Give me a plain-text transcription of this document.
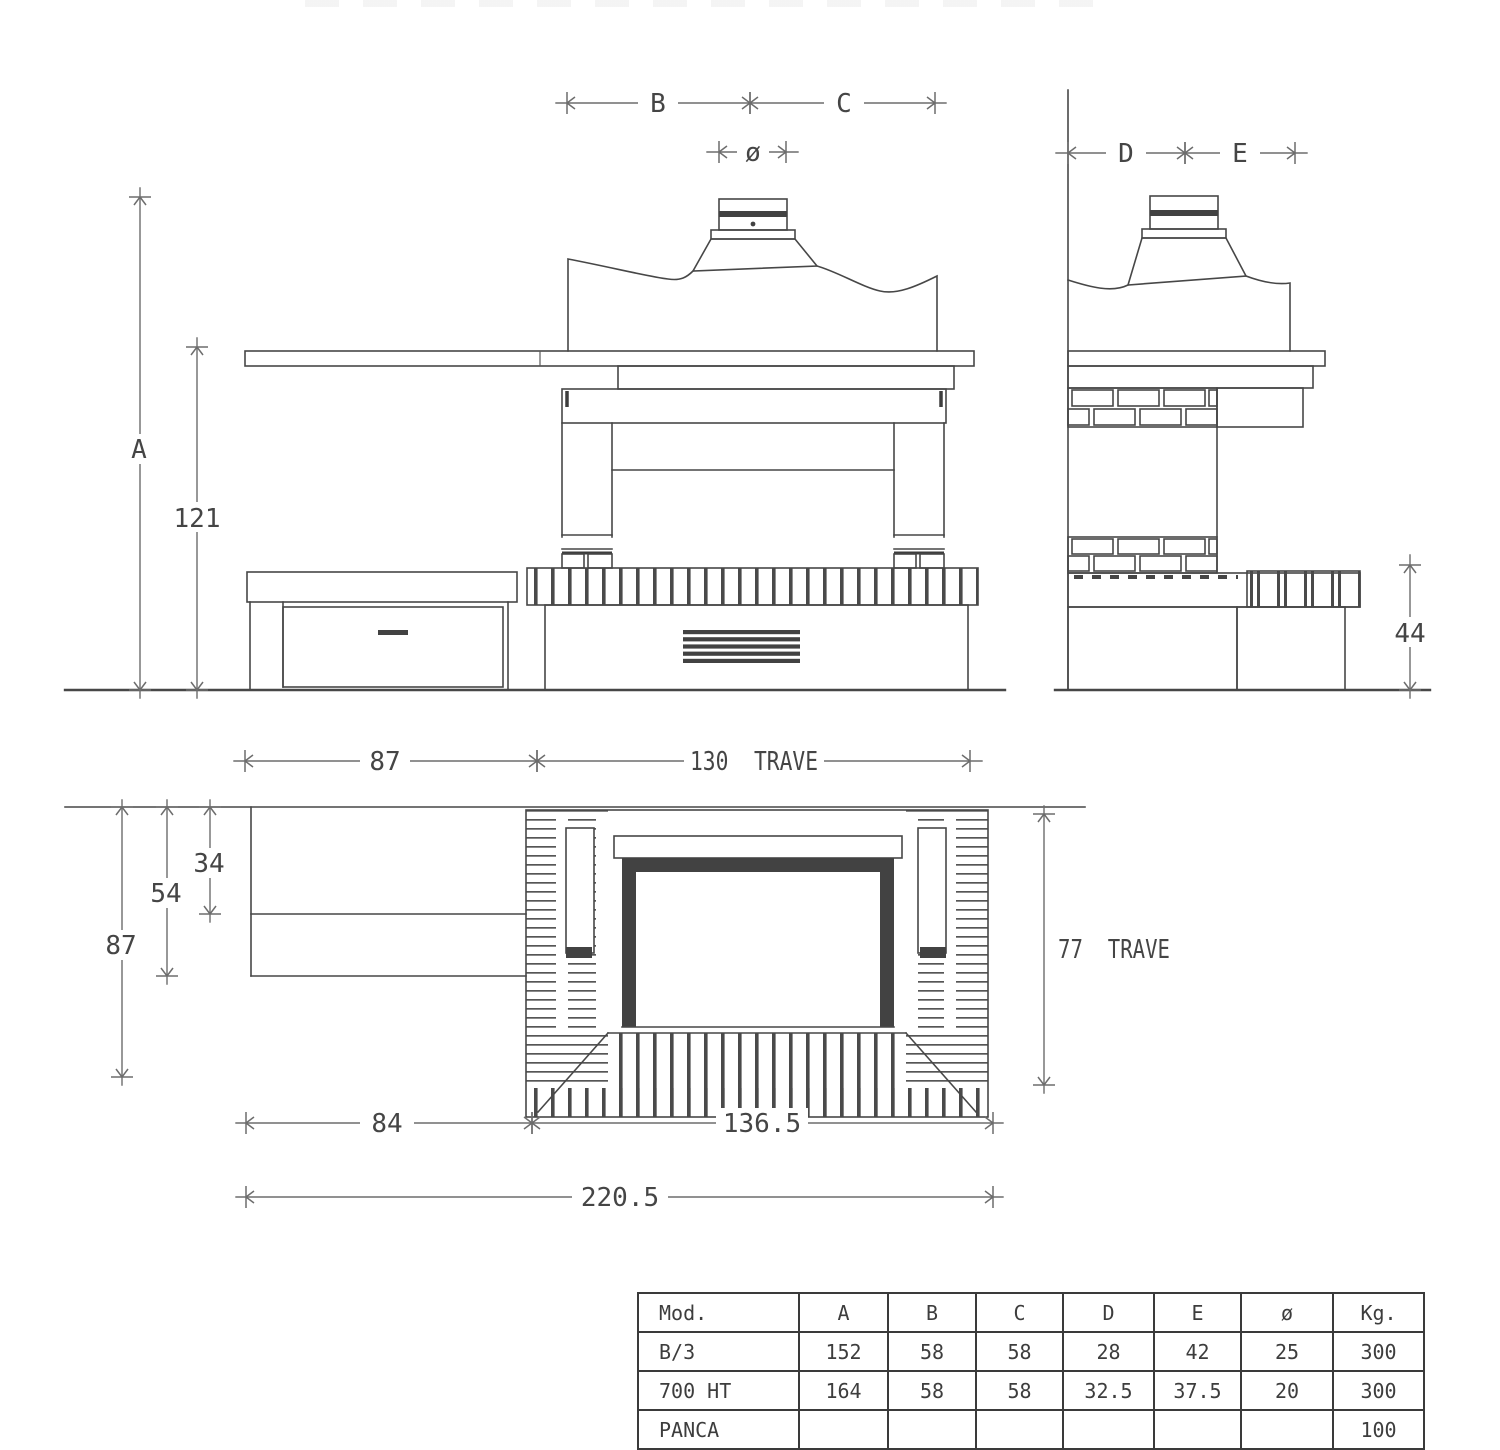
A
121
B	C
ø	D	E
44
87	130  TRAVE
34
54
87	77  TRAVE
84	136.5
220.5
Mod.	A	B	C	D	E	ø	Kg.
B/3	152	58	58	28	42	25	300
700 HT	164	58	58	32.5	37.5	20	300
PANCA							100
